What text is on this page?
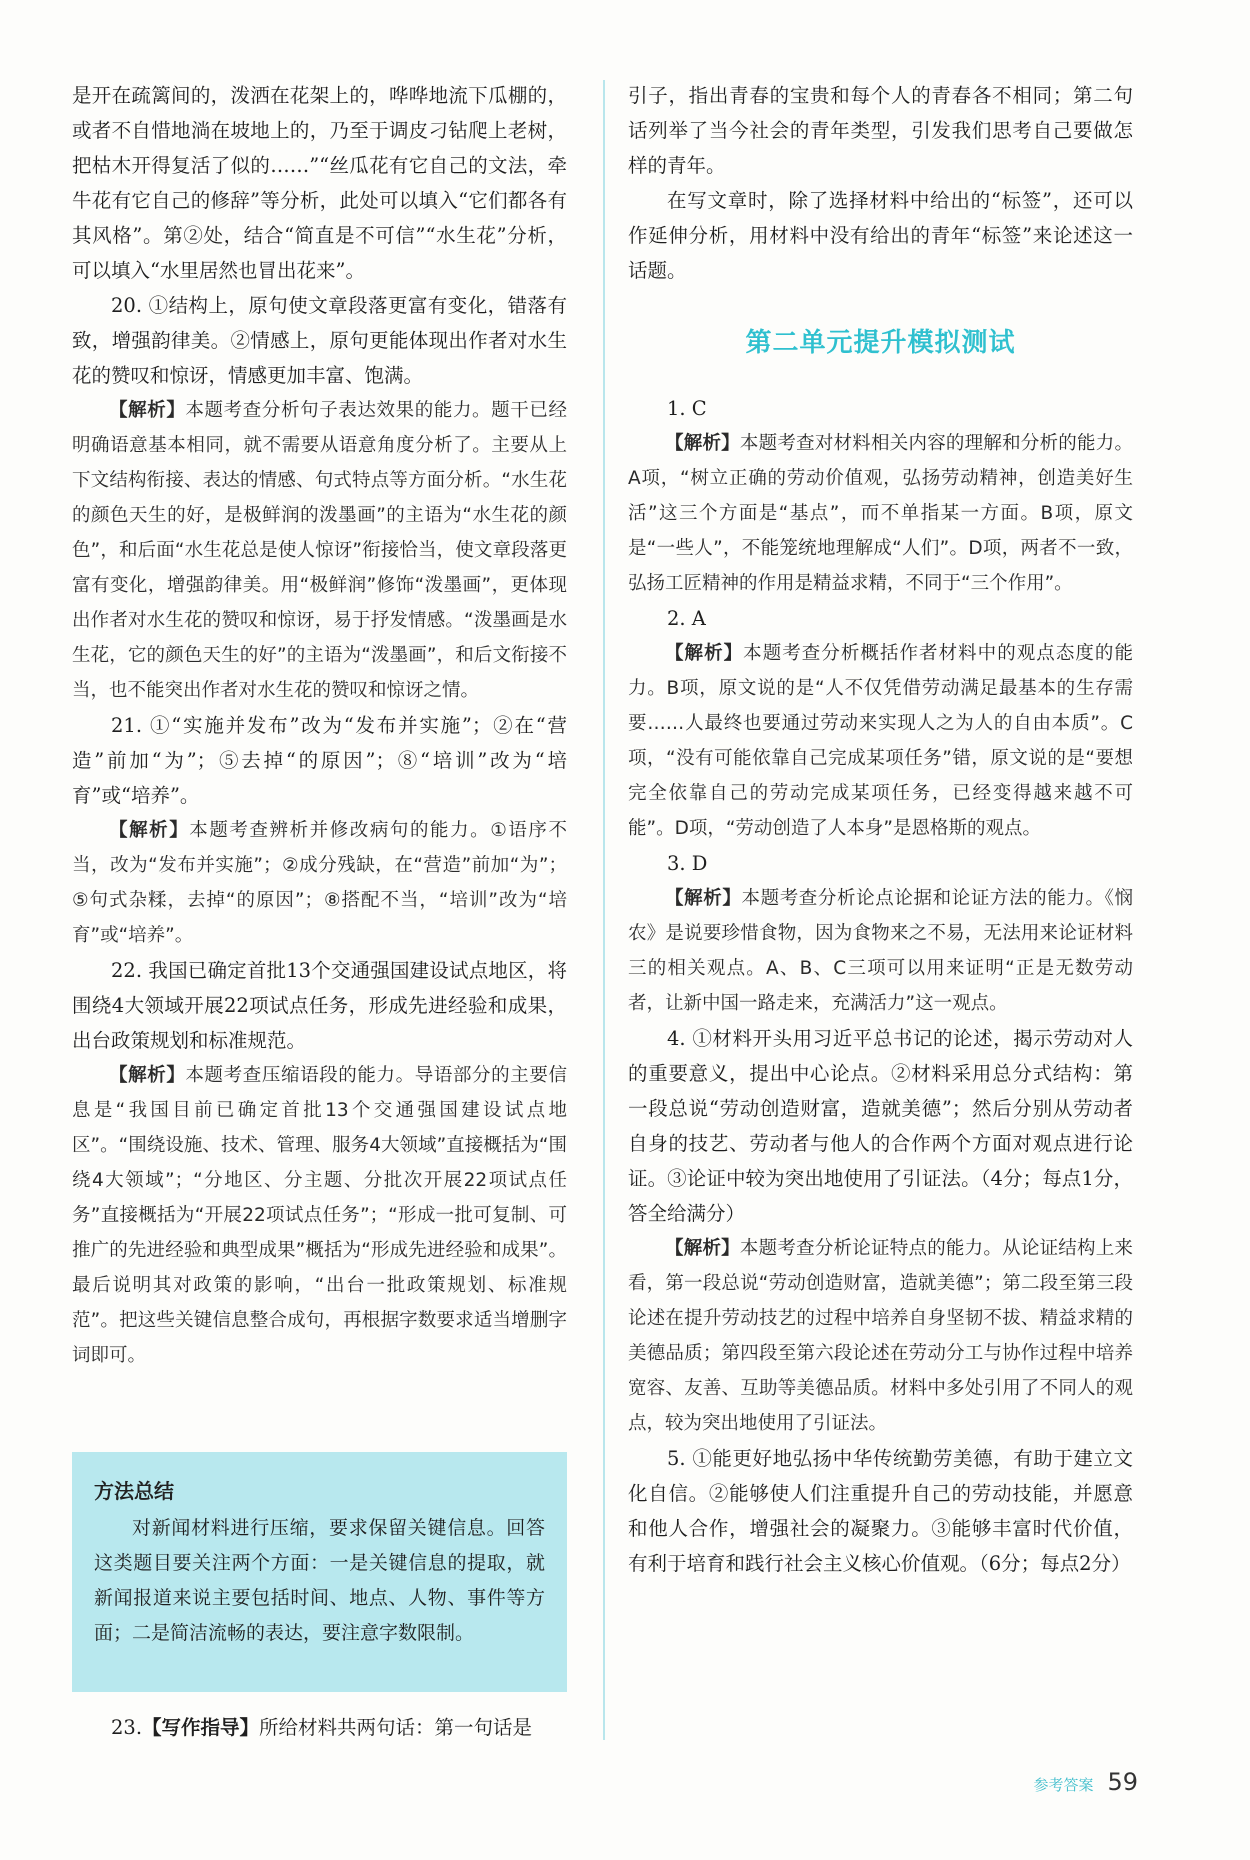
是开在疏篱间的，泼洒在花架上的，哗哗地流下瓜棚的，或者不自惜地淌在坡地上的，乃至于调皮刁钻爬上老树，把枯木开得复活了似的……”“丝瓜花有它自己的文法，牵牛花有它自己的修辞”等分析，此处可以填入“它们都各有其风格”。第②处，结合“简直是不可信”“水生花”分析，可以填入“水里居然也冒出花来”。

20. ①结构上，原句使文章段落更富有变化，错落有致，增强韵律美。②情感上，原句更能体现出作者对水生花的赞叹和惊讶，情感更加丰富、饱满。

【解析】本题考查分析句子表达效果的能力。题干已经明确语意基本相同，就不需要从语意角度分析了。主要从上下文结构衔接、表达的情感、句式特点等方面分析。“水生花的颜色天生的好，是极鲜润的泼墨画”的主语为“水生花的颜色”，和后面“水生花总是使人惊讶”衔接恰当，使文章段落更富有变化，增强韵律美。用“极鲜润”修饰“泼墨画”，更体现出作者对水生花的赞叹和惊讶，易于抒发情感。“泼墨画是水生花，它的颜色天生的好”的主语为“泼墨画”，和后文衔接不当，也不能突出作者对水生花的赞叹和惊讶之情。

21. ①“实施并发布”改为“发布并实施”；②在“营造”前加“为”；⑤去掉“的原因”；⑧“培训”改为“培育”或“培养”。

【解析】本题考查辨析并修改病句的能力。①语序不当，改为“发布并实施”；②成分残缺，在“营造”前加“为”；⑤句式杂糅，去掉“的原因”；⑧搭配不当，“培训”改为“培育”或“培养”。

22. 我国已确定首批13个交通强国建设试点地区，将围绕4大领域开展22项试点任务，形成先进经验和成果，出台政策规划和标准规范。

【解析】本题考查压缩语段的能力。导语部分的主要信息是“我国目前已确定首批13个交通强国建设试点地区”。“围绕设施、技术、管理、服务4大领域”直接概括为“围绕4大领域”；“分地区、分主题、分批次开展22项试点任务”直接概括为“开展22项试点任务”；“形成一批可复制、可推广的先进经验和典型成果”概括为“形成先进经验和成果”。最后说明其对政策的影响，“出台一批政策规划、标准规范”。把这些关键信息整合成句，再根据字数要求适当增删字词即可。

方法总结

对新闻材料进行压缩，要求保留关键信息。回答这类题目要关注两个方面：一是关键信息的提取，就新闻报道来说主要包括时间、地点、人物、事件等方面；二是简洁流畅的表达，要注意字数限制。

23.【写作指导】所给材料共两句话：第一句话是

引子，指出青春的宝贵和每个人的青春各不相同；第二句话列举了当今社会的青年类型，引发我们思考自己要做怎样的青年。

在写文章时，除了选择材料中给出的“标签”，还可以作延伸分析，用材料中没有给出的青年“标签”来论述这一话题。

第二单元提升模拟测试

1. C

【解析】本题考查对材料相关内容的理解和分析的能力。A项，“树立正确的劳动价值观，弘扬劳动精神，创造美好生活”这三个方面是“基点”，而不单指某一方面。B项，原文是“一些人”，不能笼统地理解成“人们”。D项，两者不一致，弘扬工匠精神的作用是精益求精，不同于“三个作用”。

2. A

【解析】本题考查分析概括作者材料中的观点态度的能力。B项，原文说的是“人不仅凭借劳动满足最基本的生存需要……人最终也要通过劳动来实现人之为人的自由本质”。C项，“没有可能依靠自己完成某项任务”错，原文说的是“要想完全依靠自己的劳动完成某项任务，已经变得越来越不可能”。D项，“劳动创造了人本身”是恩格斯的观点。

3. D

【解析】本题考查分析论点论据和论证方法的能力。《悯农》是说要珍惜食物，因为食物来之不易，无法用来论证材料三的相关观点。A、B、C三项可以用来证明“正是无数劳动者，让新中国一路走来，充满活力”这一观点。

4. ①材料开头用习近平总书记的论述，揭示劳动对人的重要意义，提出中心论点。②材料采用总分式结构：第一段总说“劳动创造财富，造就美德”；然后分别从劳动者自身的技艺、劳动者与他人的合作两个方面对观点进行论证。③论证中较为突出地使用了引证法。（4分；每点1分，答全给满分）

【解析】本题考查分析论证特点的能力。从论证结构上来看，第一段总说“劳动创造财富，造就美德”；第二段至第三段论述在提升劳动技艺的过程中培养自身坚韧不拔、精益求精的美德品质；第四段至第六段论述在劳动分工与协作过程中培养宽容、友善、互助等美德品质。材料中多处引用了不同人的观点，较为突出地使用了引证法。

5. ①能更好地弘扬中华传统勤劳美德，有助于建立文化自信。②能够使人们注重提升自己的劳动技能，并愿意和他人合作，增强社会的凝聚力。③能够丰富时代价值，有利于培育和践行社会主义核心价值观。（6分；每点2分）

参考答案 59
